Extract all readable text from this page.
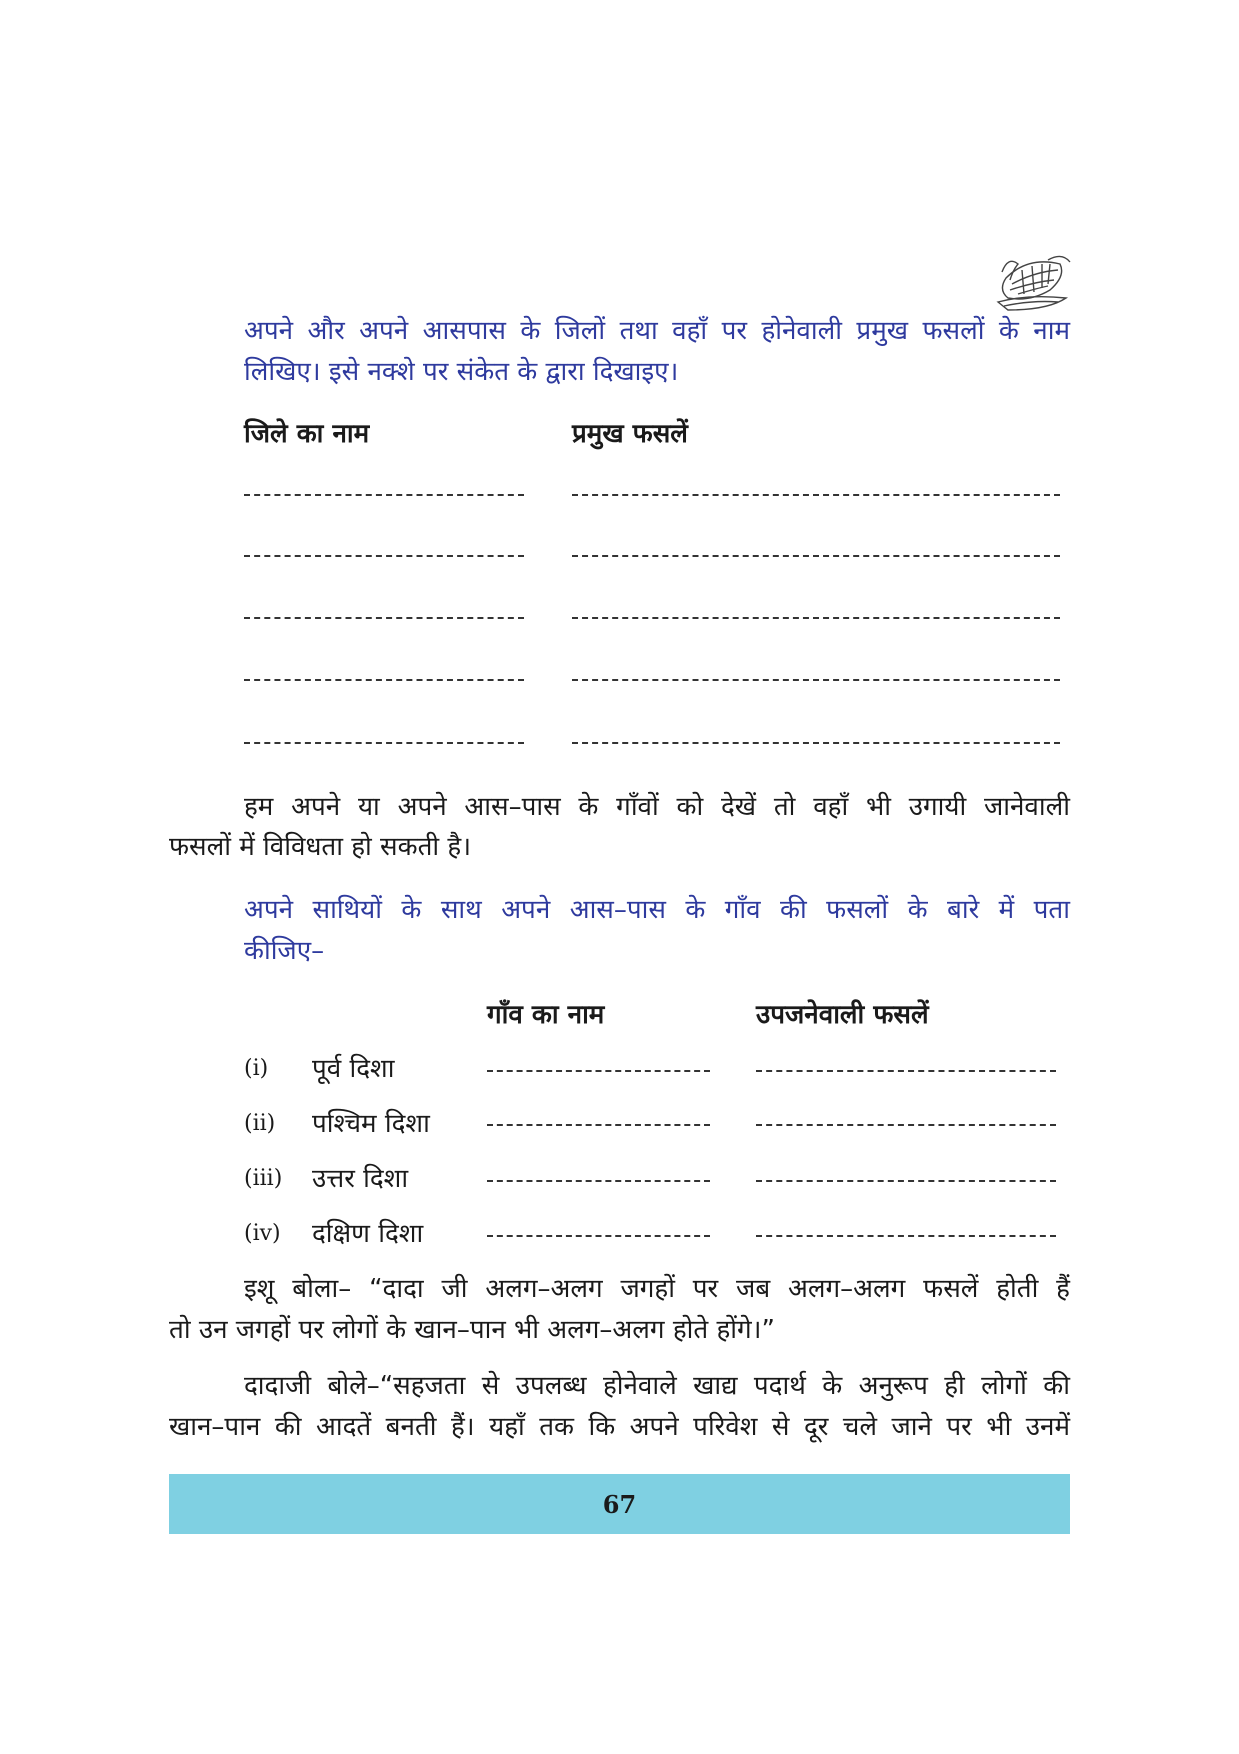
अपने और अपने आसपास के जिलों तथा वहाँ पर होनेवाली प्रमुख फसलों के नाम
लिखिए। इसे नक्शे पर संकेत के द्वारा दिखाइए।
जिले का नाम	प्रमुख फसलें
हम अपने या अपने आस–पास के गाँवों को देखें तो वहाँ भी उगायी जानेवाली
फसलों में विविधता हो सकती है।
अपने साथियों के साथ अपने आस–पास के गाँव की फसलों के बारे में पता
कीजिए–
गाँव का नाम	उपजनेवाली फसलें
(i) पूर्व दिशा
(ii) पश्चिम दिशा
(iii) उत्तर दिशा
(iv) दक्षिण दिशा
इशू बोला– “दादा जी अलग–अलग जगहों पर जब अलग–अलग फसलें होती हैं
तो उन जगहों पर लोगों के खान–पान भी अलग–अलग होते होंगे।”
दादाजी बोले–“सहजता से उपलब्ध होनेवाले खाद्य पदार्थ के अनुरूप ही लोगों की
खान–पान की आदतें बनती हैं। यहाँ तक कि अपने परिवेश से दूर चले जाने पर भी उनमें
67
